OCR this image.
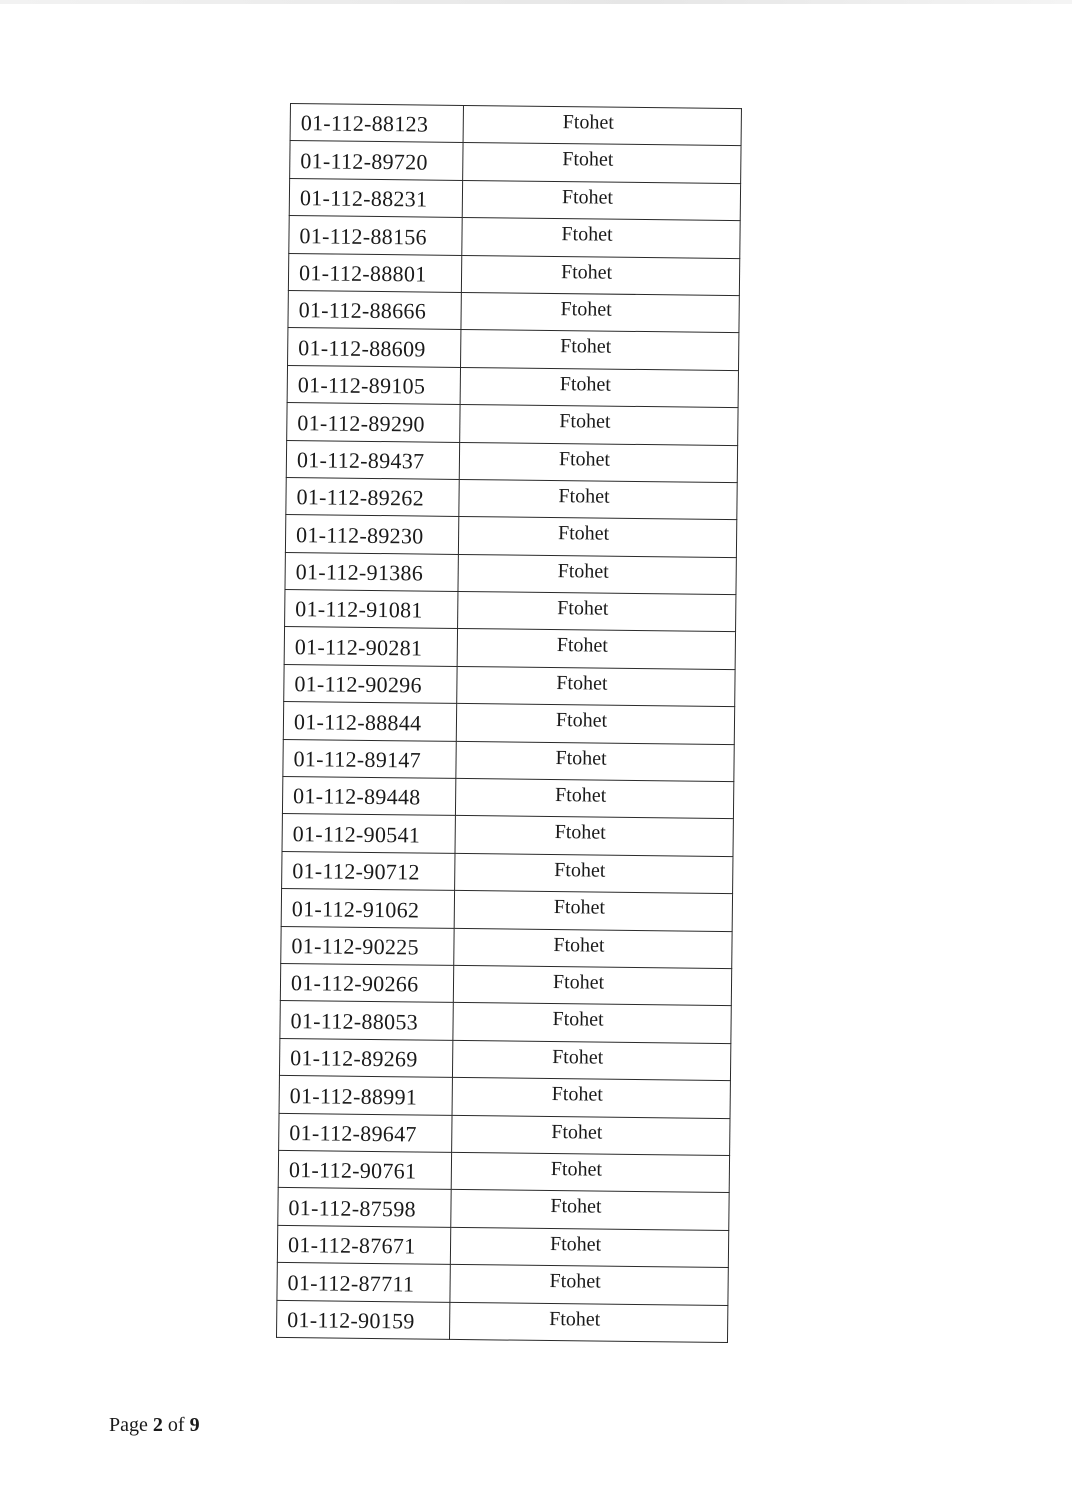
01-112-88123	Ftohet
01-112-89720	Ftohet
01-112-88231	Ftohet
01-112-88156	Ftohet
01-112-88801	Ftohet
01-112-88666	Ftohet
01-112-88609	Ftohet
01-112-89105	Ftohet
01-112-89290	Ftohet
01-112-89437	Ftohet
01-112-89262	Ftohet
01-112-89230	Ftohet
01-112-91386	Ftohet
01-112-91081	Ftohet
01-112-90281	Ftohet
01-112-90296	Ftohet
01-112-88844	Ftohet
01-112-89147	Ftohet
01-112-89448	Ftohet
01-112-90541	Ftohet
01-112-90712	Ftohet
01-112-91062	Ftohet
01-112-90225	Ftohet
01-112-90266	Ftohet
01-112-88053	Ftohet
01-112-89269	Ftohet
01-112-88991	Ftohet
01-112-89647	Ftohet
01-112-90761	Ftohet
01-112-87598	Ftohet
01-112-87671	Ftohet
01-112-87711	Ftohet
01-112-90159	Ftohet
Page 2 of 9
